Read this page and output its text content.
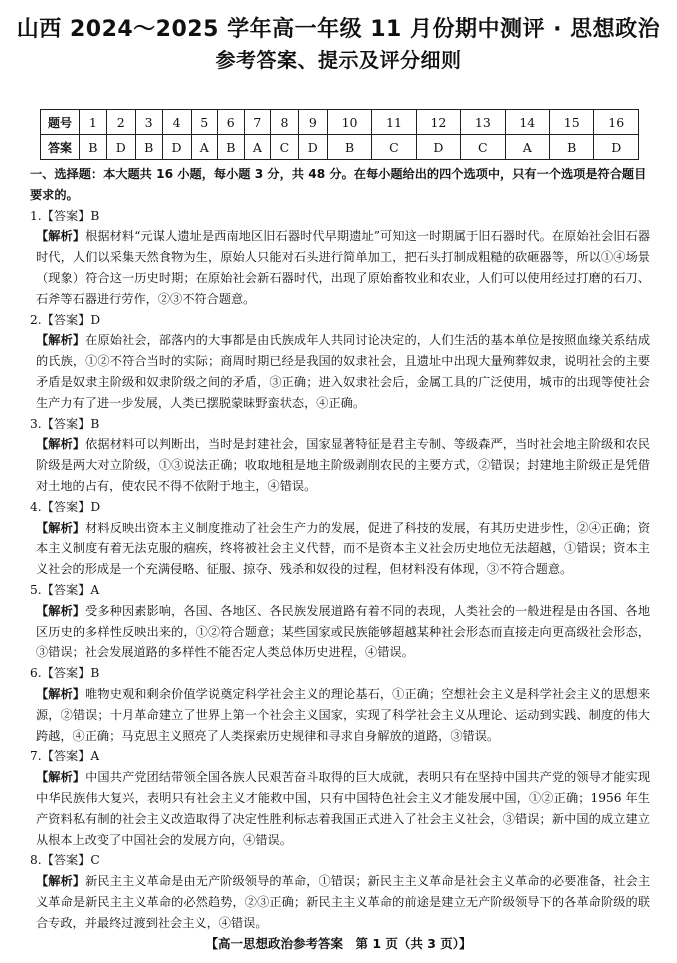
山西 2024～2025 学年高一年级 11 月份期中测评 · 思想政治
参考答案、提示及评分细则
题号	1	2	3	4	5	6	7	8	9	10	11	12	13	14	15	16
答案	B	D	B	D	A	B	A	C	D	B	C	D	C	A	B	D

一、选择题：本大题共 16 小题，每小题 3 分，共 48 分。在每小题给出的四个选项中，只有一个选项是符合题目要求的。

1.【答案】B

【解析】根据材料“元谋人遗址是西南地区旧石器时代早期遗址”可知这一时期属于旧石器时代。在原始社会旧石器时代，人们以采集天然食物为生，原始人只能对石头进行简单加工，把石头打制成粗糙的砍砸器等，所以①④场景（现象）符合这一历史时期；在原始社会新石器时代，出现了原始畜牧业和农业，人们可以使用经过打磨的石刀、石斧等石器进行劳作，②③不符合题意。

2.【答案】D

【解析】在原始社会，部落内的大事都是由氏族成年人共同讨论决定的，人们生活的基本单位是按照血缘关系结成的氏族，①②不符合当时的实际；商周时期已经是我国的奴隶社会，且遗址中出现大量殉葬奴隶，说明社会的主要矛盾是奴隶主阶级和奴隶阶级之间的矛盾，③正确；进入奴隶社会后，金属工具的广泛使用，城市的出现等使社会生产力有了进一步发展，人类已摆脱蒙昧野蛮状态，④正确。

3.【答案】B

【解析】依据材料可以判断出，当时是封建社会，国家显著特征是君主专制、等级森严，当时社会地主阶级和农民阶级是两大对立阶级，①③说法正确；收取地租是地主阶级剥削农民的主要方式，②错误；封建地主阶级正是凭借对土地的占有，使农民不得不依附于地主，④错误。

4.【答案】D

【解析】材料反映出资本主义制度推动了社会生产力的发展，促进了科技的发展，有其历史进步性，②④正确；资本主义制度有着无法克服的痼疾，终将被社会主义代替，而不是资本主义社会历史地位无法超越，①错误；资本主义社会的形成是一个充满侵略、征服、掠夺、残杀和奴役的过程，但材料没有体现，③不符合题意。

5.【答案】A

【解析】受多种因素影响，各国、各地区、各民族发展道路有着不同的表现，人类社会的一般进程是由各国、各地区历史的多样性反映出来的，①②符合题意；某些国家或民族能够超越某种社会形态而直接走向更高级社会形态，③错误；社会发展道路的多样性不能否定人类总体历史进程，④错误。

6.【答案】B

【解析】唯物史观和剩余价值学说奠定科学社会主义的理论基石，①正确；空想社会主义是科学社会主义的思想来源，②错误；十月革命建立了世界上第一个社会主义国家，实现了科学社会主义从理论、运动到实践、制度的伟大跨越，④正确；马克思主义照亮了人类探索历史规律和寻求自身解放的道路，③错误。

7.【答案】A

【解析】中国共产党团结带领全国各族人民艰苦奋斗取得的巨大成就，表明只有在坚持中国共产党的领导才能实现中华民族伟大复兴，表明只有社会主义才能救中国，只有中国特色社会主义才能发展中国，①②正确；1956 年生产资料私有制的社会主义改造取得了决定性胜利标志着我国正式进入了社会主义社会，③错误；新中国的成立建立从根本上改变了中国社会的发展方向，④错误。

8.【答案】C

【解析】新民主主义革命是由无产阶级领导的革命，①错误；新民主主义革命是社会主义革命的必要准备，社会主义革命是新民主主义革命的必然趋势，②③正确；新民主主义革命的前途是建立无产阶级领导下的各革命阶级的联合专政，并最终过渡到社会主义，④错误。

【高一思想政治参考答案　第 1 页（共 3 页）】
